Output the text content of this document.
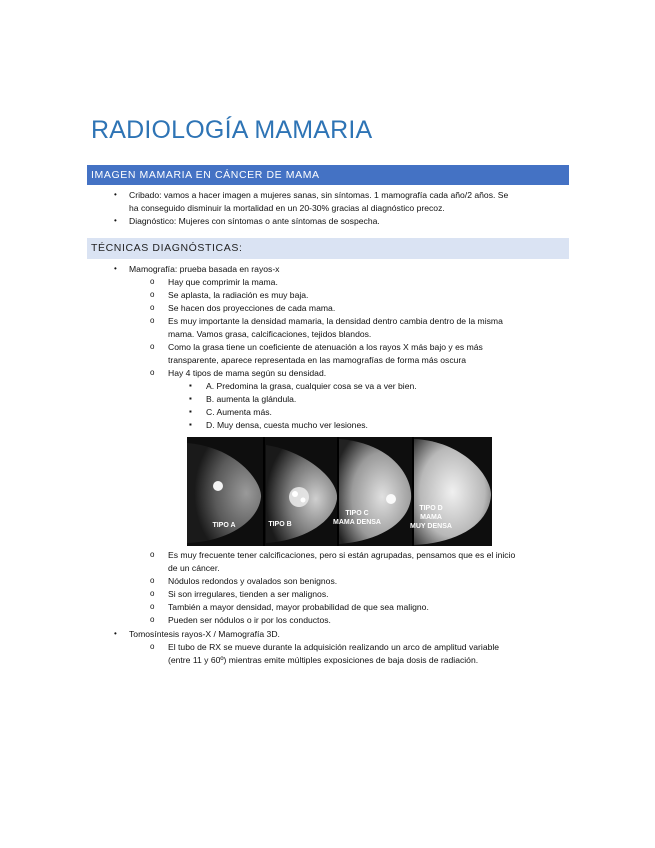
RADIOLOGÍA MAMARIA
IMAGEN MAMARIA EN CÁNCER DE MAMA
• Cribado: vamos a hacer imagen a mujeres sanas, sin síntomas. 1 mamografía cada año/2 años. Se
ha conseguido disminuir la mortalidad en un 20-30% gracias al diagnóstico precoz.
• Diagnóstico: Mujeres con síntomas o ante síntomas de sospecha.
TÉCNICAS DIAGNÓSTICAS:
• Mamografía: prueba basada en rayos-x
o Hay que comprimir la mama.
o Se aplasta, la radiación es muy baja.
o Se hacen dos proyecciones de cada mama.
o Es muy importante la densidad mamaria, la densidad dentro cambia dentro de la misma
mama. Vamos grasa, calcificaciones, tejidos blandos.
o Como la grasa tiene un coeficiente de atenuación a los rayos X más bajo y es más
transparente, aparece representada en las mamografías de forma más oscura
o Hay 4 tipos de mama según su densidad.
▪ A. Predomina la grasa, cualquier cosa se va a ver bien.
▪ B. aumenta la glándula.
▪ C. Aumenta más.
▪ D. Muy densa, cuesta mucho ver lesiones.
TIPO A	TIPO B
TIPO C MAMA DENSA
TIPO D MAMA MUY DENSA
o Es muy frecuente tener calcificaciones, pero si están agrupadas, pensamos que es el inicio
de un cáncer.
o Nódulos redondos y ovalados son benignos.
o Si son irregulares, tienden a ser malignos.
o También a mayor densidad, mayor probabilidad de que sea maligno.
o Pueden ser nódulos o ir por los conductos.
• Tomosíntesis rayos-X / Mamografía 3D.
o El tubo de RX se mueve durante la adquisición realizando un arco de amplitud variable
(entre 11 y 60º) mientras emite múltiples exposiciones de baja dosis de radiación.
